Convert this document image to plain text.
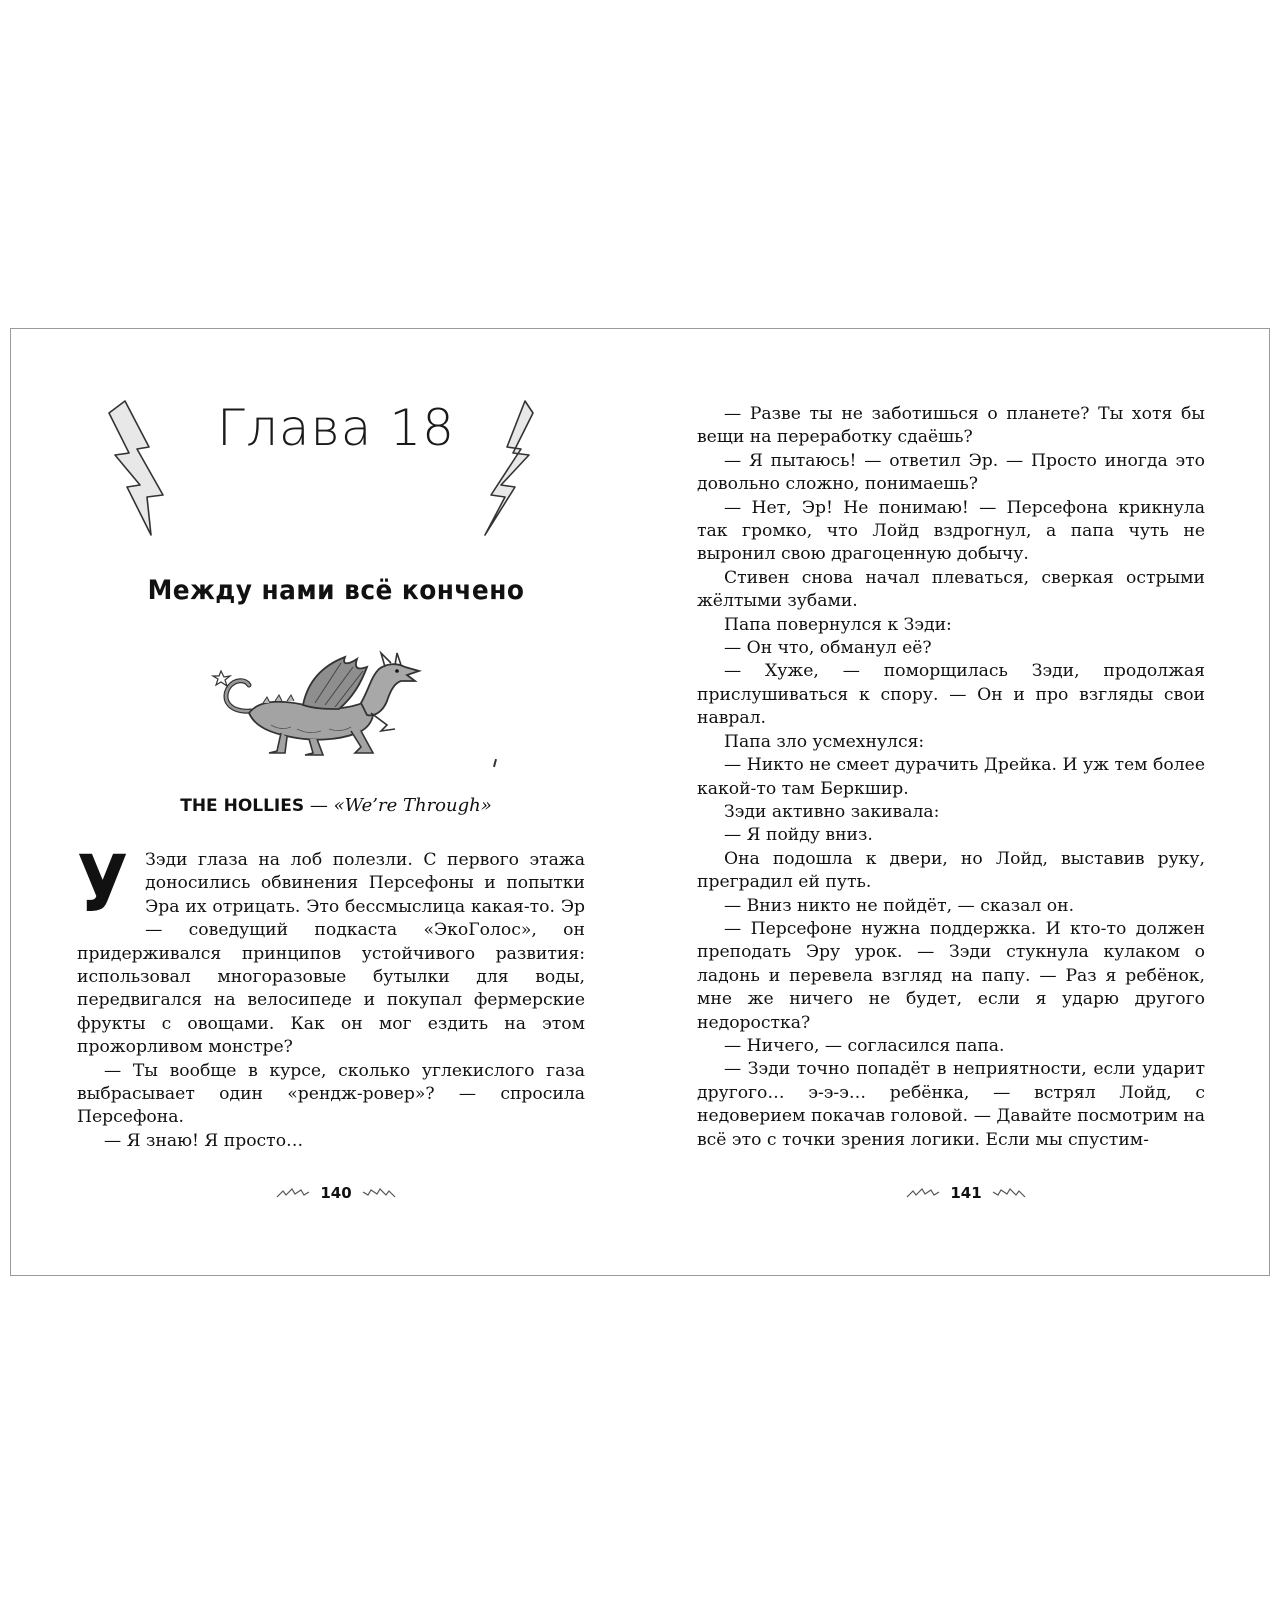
Глава 18
Между нами всё кончено
THE HOLLIES — «We’re Through»

У Зэди глаза на лоб полезли. С первого этажа доносились обвинения Персефоны и попытки Эра их отрицать. Это бессмыслица какая-то. Эр — соведущий подкаста «ЭкоГолос», он придерживался принципов устойчивого развития: использовал многоразовые бутылки для воды, передвигался на велосипеде и покупал фермерские фрукты с овощами. Как он мог ездить на этом прожорливом монстре?

— Ты вообще в курсе, сколько углекислого газа выбрасывает один «рендж-ровер»? — спросила Персефона.

— Я знаю! Я просто…

140

— Разве ты не заботишься о планете? Ты хотя бы вещи на переработку сдаёшь?

— Я пытаюсь! — ответил Эр. — Просто иногда это довольно сложно, понимаешь?

— Нет, Эр! Не понимаю! — Персефона крикнула так громко, что Лойд вздрогнул, а папа чуть не выронил свою драгоценную добычу.

Стивен снова начал плеваться, сверкая острыми жёлтыми зубами.

Папа повернулся к Зэди:

— Он что, обманул её?

— Хуже, — поморщилась Зэди, продолжая прислушиваться к спору. — Он и про взгляды свои наврал.

Папа зло усмехнулся:

— Никто не смеет дурачить Дрейка. И уж тем более какой-то там Беркшир.

Зэди активно закивала:

— Я пойду вниз.

Она подошла к двери, но Лойд, выставив руку, преградил ей путь.

— Вниз никто не пойдёт, — сказал он.

— Персефоне нужна поддержка. И кто-то должен преподать Эру урок. — Зэди стукнула кулаком о ладонь и перевела взгляд на папу. — Раз я ребёнок, мне же ничего не будет, если я ударю другого недоростка?

— Ничего, — согласился папа.

— Зэди точно попадёт в неприятности, если ударит другого… э-э-э… ребёнка, — встрял Лойд, с недоверием покачав головой. — Давайте посмотрим на всё это с точки зрения логики. Если мы спустим-

141
